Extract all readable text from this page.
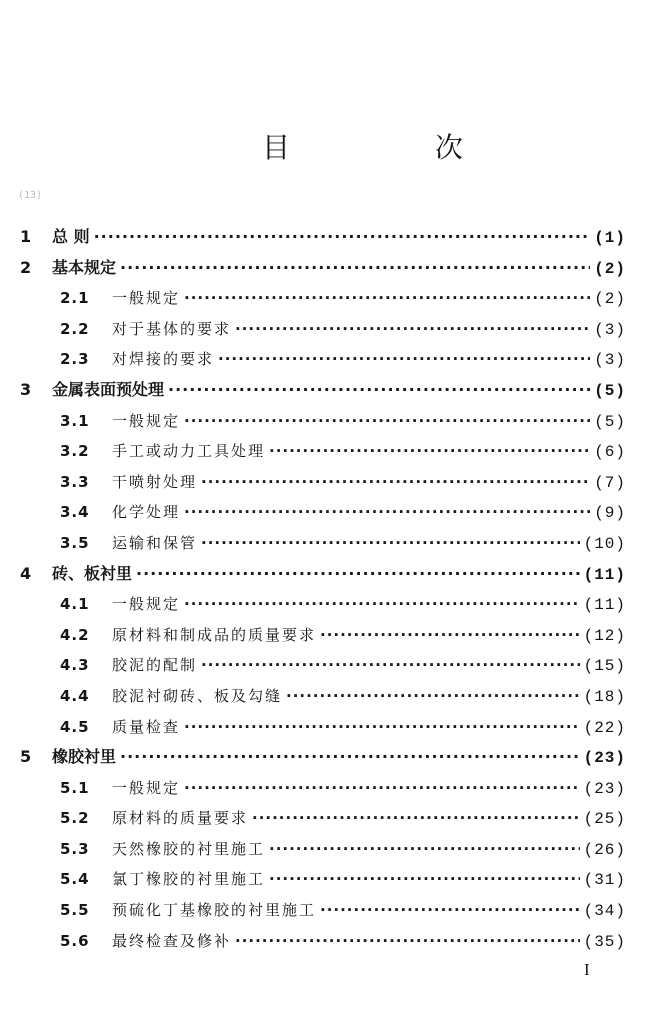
(13)
目 次
1	总 则 ·····	(1)
2	基本规定 ·····	(2)
2.1	一般规定 ·····	(2)
2.2	对于基体的要求 ·····	(3)
2.3	对焊接的要求 ·····	(3)
3	金属表面预处理 ·····	(5)
3.1	一般规定 ·····	(5)
3.2	手工或动力工具处理 ·····	(6)
3.3	干喷射处理 ·····	(7)
3.4	化学处理 ·····	(9)
3.5	运输和保管 ·····	(10)
4	砖、板衬里 ·····	(11)
4.1	一般规定 ·····	(11)
4.2	原材料和制成品的质量要求 ·····	(12)
4.3	胶泥的配制 ·····	(15)
4.4	胶泥衬砌砖、板及勾缝 ·····	(18)
4.5	质量检查 ·····	(22)
5	橡胶衬里 ·····	(23)
5.1	一般规定 ·····	(23)
5.2	原材料的质量要求 ·····	(25)
5.3	天然橡胶的衬里施工 ·····	(26)
5.4	氯丁橡胶的衬里施工 ·····	(31)
5.5	预硫化丁基橡胶的衬里施工 ·····	(34)
5.6	最终检查及修补 ·····	(35)
I
